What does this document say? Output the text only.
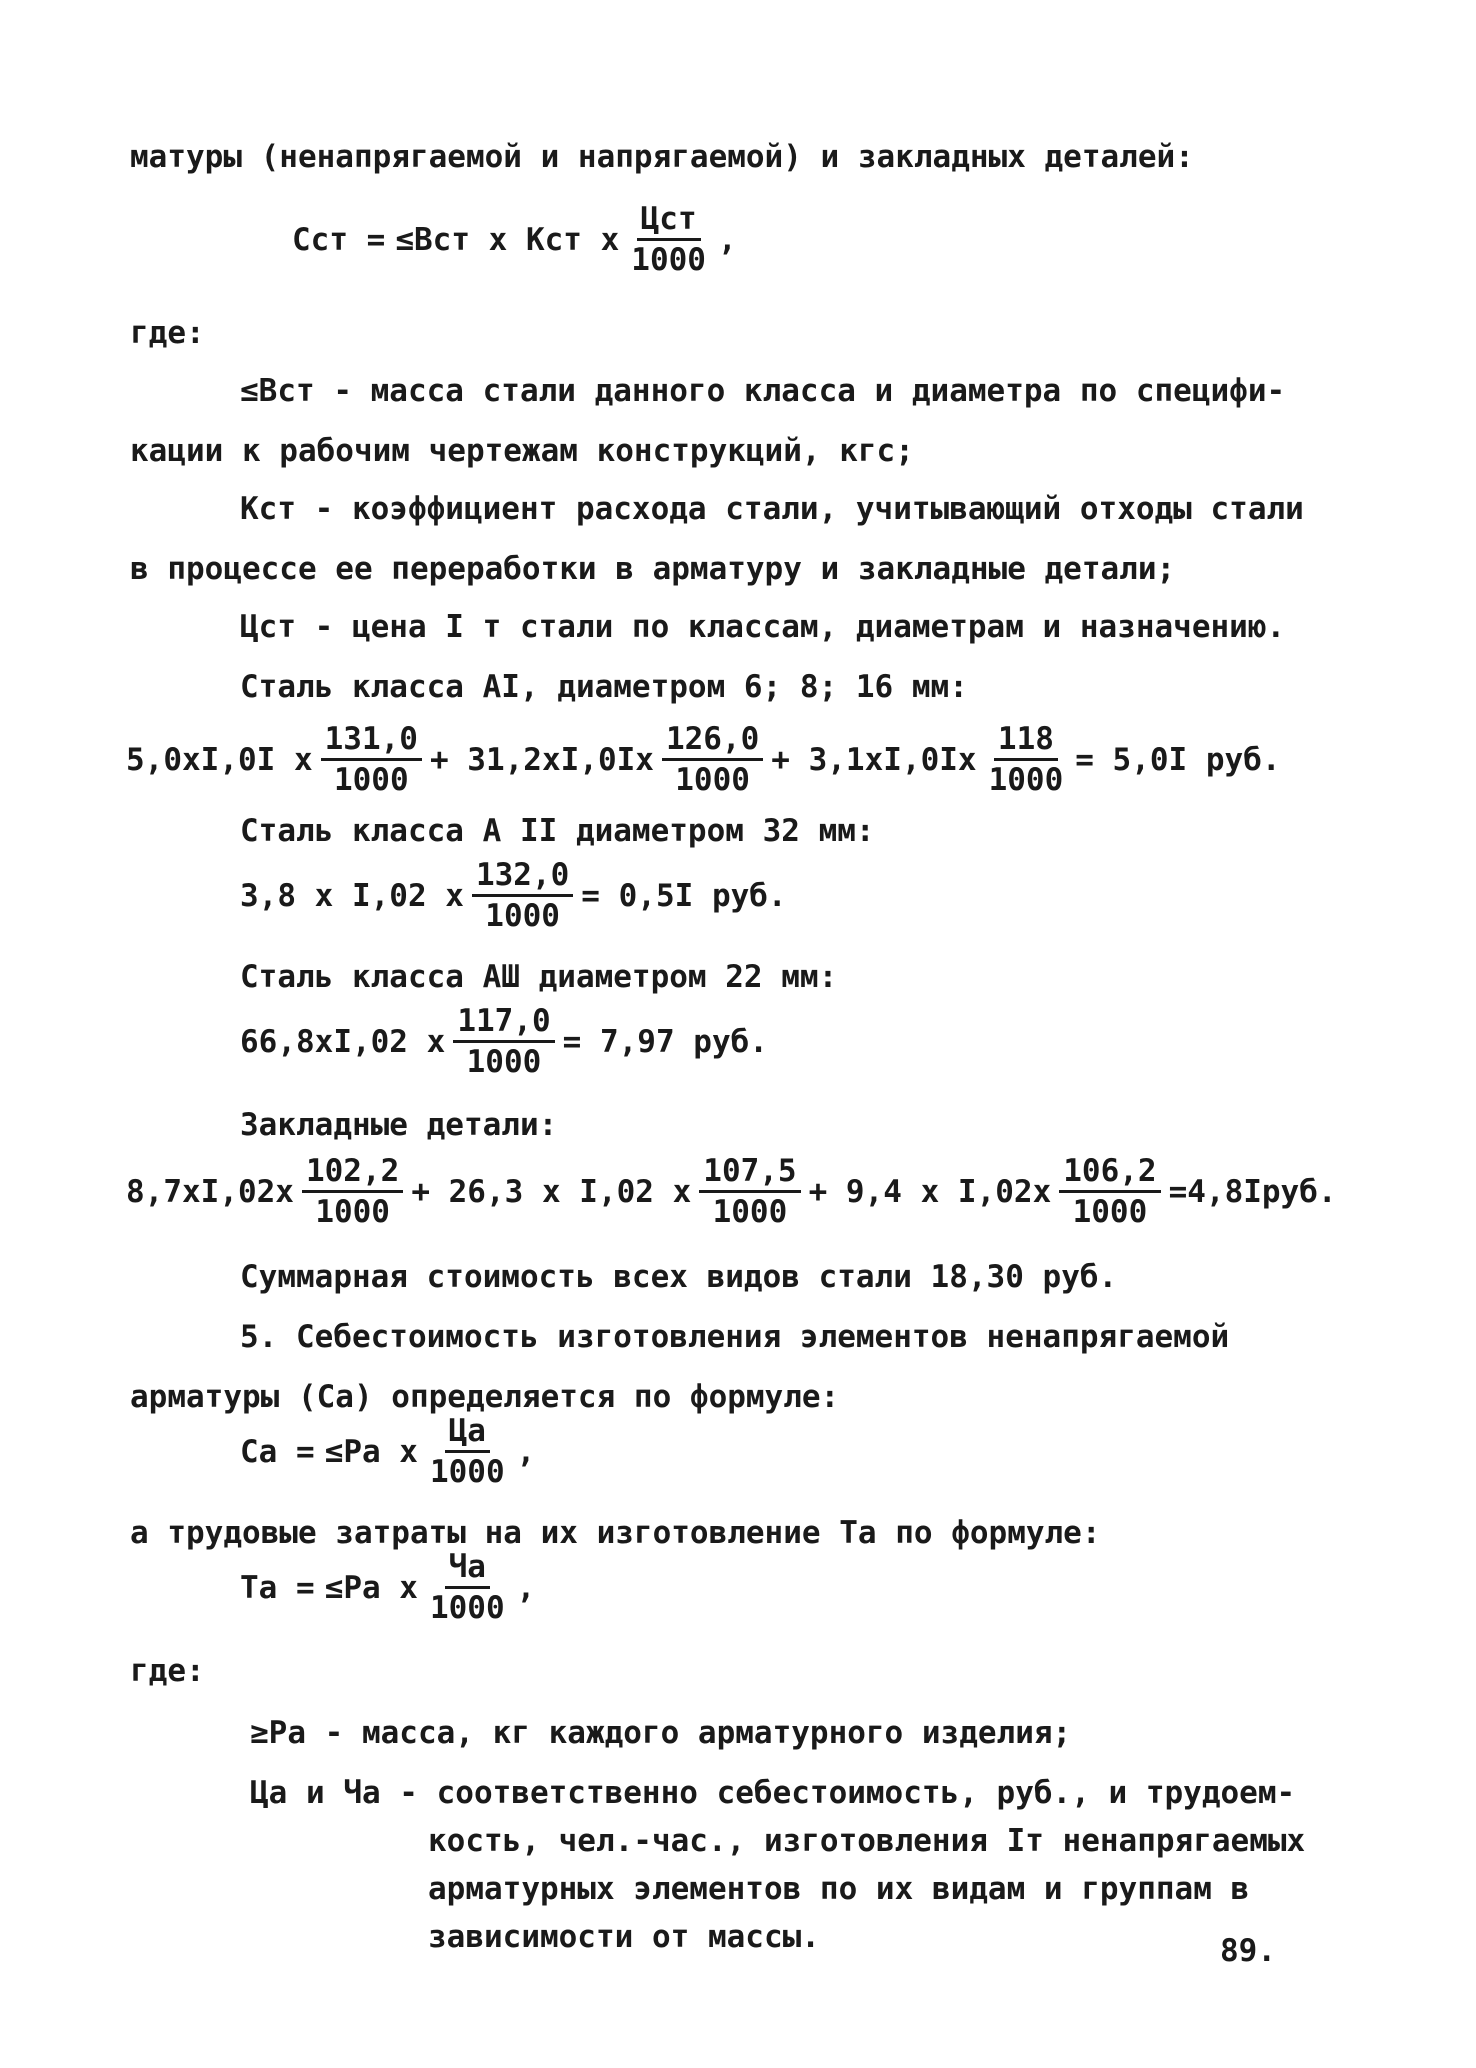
матуры (ненапрягаемой и напрягаемой) и закладных деталей:
Сст = ≤Вст x Кст x $\frac{\text{Цст}}{1000}$ ,
где:
≤Вст - масса стали данного класса и диаметра по специфи-
кации к рабочим чертежам конструкций, кгс;
Кст - коэффициент расхода стали, учитывающий отходы стали
в процессе ее переработки в арматуру и закладные детали;
Цст - цена I т стали по классам, диаметрам и назначению.
Сталь класса AI, диаметром 6; 8; 16 мм:
5,0xI,0I x $\frac{131,0}{1000} + 31,2xI,0Ix \frac{126,0}{1000} + 3,1xI,0Ix \frac{118}{1000} = 5,0I$ руб.
Сталь класса А II диаметром 32 мм:
3,8 x I,02 x $\frac{132,0}{1000} = 0,5I$ руб.
Сталь класса АШ диаметром 22 мм:
66,8xI,02 x $\frac{117,0}{1000} = 7,97$ руб.
Закладные детали:
$8,7xI,02x \frac{102,2}{1000} + 26,3$ x I,02 x $\frac{107,5}{1000} + 9,4$ x $I,02x \frac{106,2}{1000}$ =4,8Iруб.
Суммарная стоимость всех видов стали 18,30 руб.
5. Себестоимость изготовления элементов ненапрягаемой
арматуры (Са) определяется по формуле:
Са = ≤Ра x $\frac{Ца}{1000}$ ,
а трудовые затраты на их изготовление Та по формуле:
Та = ≤Ра x $\frac{Ча}{1000}$ ,
где:
≥Ра - масса, кг каждого арматурного изделия;
Ца и Ча - соответственно себестоимость, руб., и трудоем-
кость, чел.-час., изготовления Iт ненапрягаемых
арматурных элементов по их видам и группам в
зависимости от массы.	89.
